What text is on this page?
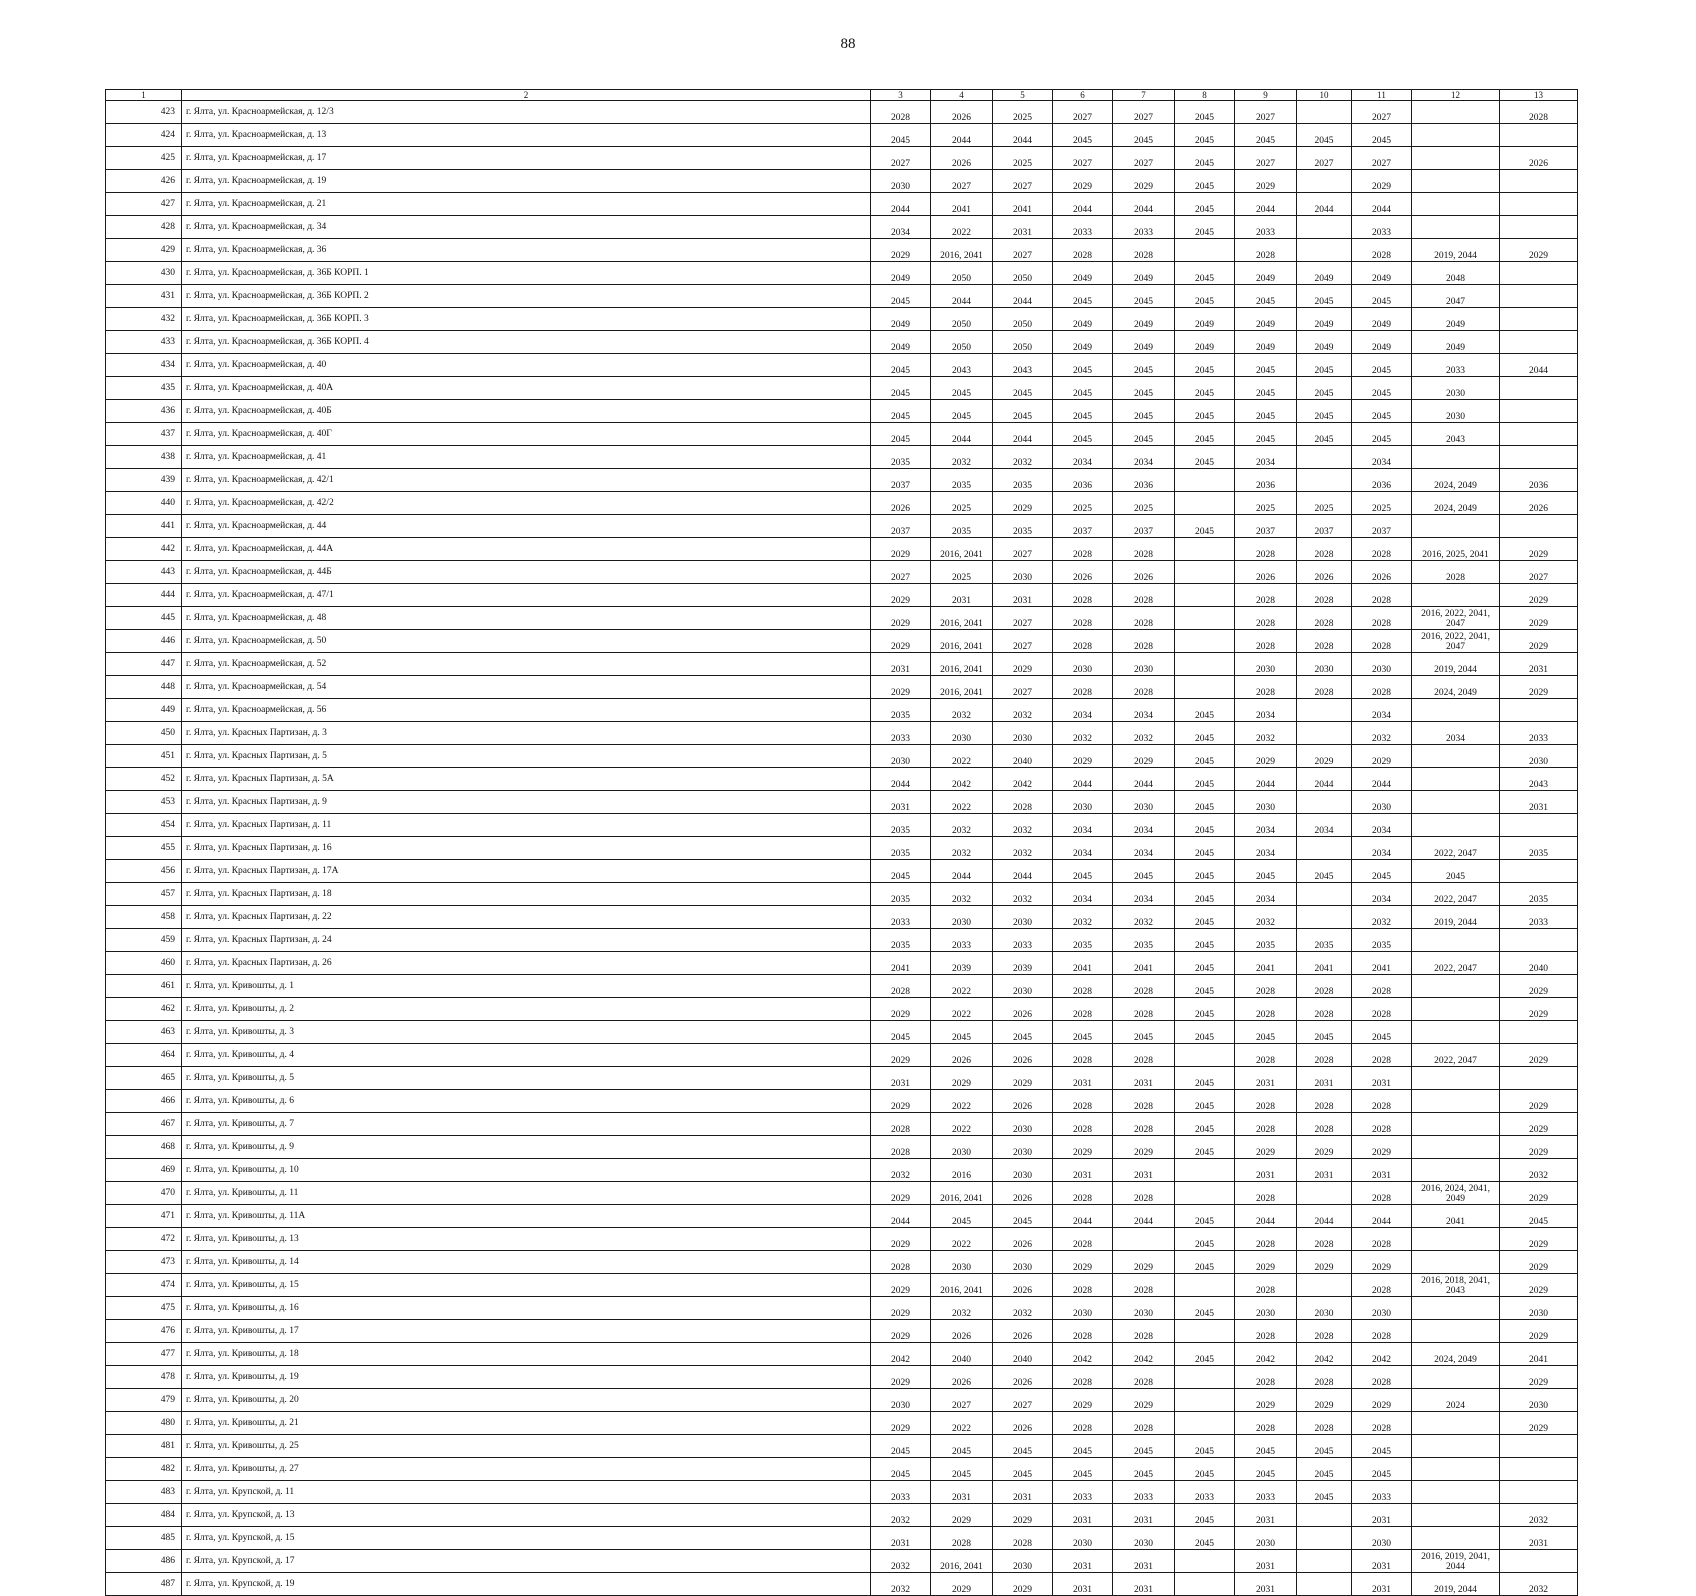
88
1	2	3	4	5	6	7	8	9	10	11	12	13
423	г. Ялта, ул. Красноармейская, д. 12/3	2028	2026	2025	2027	2027	2045	2027		2027		2028
424	г. Ялта, ул. Красноармейская, д. 13	2045	2044	2044	2045	2045	2045	2045	2045	2045		
425	г. Ялта, ул. Красноармейская, д. 17	2027	2026	2025	2027	2027	2045	2027	2027	2027		2026
426	г. Ялта, ул. Красноармейская, д. 19	2030	2027	2027	2029	2029	2045	2029		2029		
427	г. Ялта, ул. Красноармейская, д. 21	2044	2041	2041	2044	2044	2045	2044	2044	2044		
428	г. Ялта, ул. Красноармейская, д. 34	2034	2022	2031	2033	2033	2045	2033		2033		
429	г. Ялта, ул. Красноармейская, д. 36	2029	2016, 2041	2027	2028	2028		2028		2028	2019, 2044	2029
430	г. Ялта, ул. Красноармейская, д. 36Б КОРП. 1	2049	2050	2050	2049	2049	2045	2049	2049	2049	2048	
431	г. Ялта, ул. Красноармейская, д. 36Б КОРП. 2	2045	2044	2044	2045	2045	2045	2045	2045	2045	2047	
432	г. Ялта, ул. Красноармейская, д. 36Б КОРП. 3	2049	2050	2050	2049	2049	2049	2049	2049	2049	2049	
433	г. Ялта, ул. Красноармейская, д. 36Б КОРП. 4	2049	2050	2050	2049	2049	2049	2049	2049	2049	2049	
434	г. Ялта, ул. Красноармейская, д. 40	2045	2043	2043	2045	2045	2045	2045	2045	2045	2033	2044
435	г. Ялта, ул. Красноармейская, д. 40А	2045	2045	2045	2045	2045	2045	2045	2045	2045	2030	
436	г. Ялта, ул. Красноармейская, д. 40Б	2045	2045	2045	2045	2045	2045	2045	2045	2045	2030	
437	г. Ялта, ул. Красноармейская, д. 40Г	2045	2044	2044	2045	2045	2045	2045	2045	2045	2043	
438	г. Ялта, ул. Красноармейская, д. 41	2035	2032	2032	2034	2034	2045	2034		2034		
439	г. Ялта, ул. Красноармейская, д. 42/1	2037	2035	2035	2036	2036		2036		2036	2024, 2049	2036
440	г. Ялта, ул. Красноармейская, д. 42/2	2026	2025	2029	2025	2025		2025	2025	2025	2024, 2049	2026
441	г. Ялта, ул. Красноармейская, д. 44	2037	2035	2035	2037	2037	2045	2037	2037	2037		
442	г. Ялта, ул. Красноармейская, д. 44А	2029	2016, 2041	2027	2028	2028		2028	2028	2028	2016, 2025, 2041	2029
443	г. Ялта, ул. Красноармейская, д. 44Б	2027	2025	2030	2026	2026		2026	2026	2026	2028	2027
444	г. Ялта, ул. Красноармейская, д. 47/1	2029	2031	2031	2028	2028		2028	2028	2028		2029
445	г. Ялта, ул. Красноармейская, д. 48	2029	2016, 2041	2027	2028	2028		2028	2028	2028	2016, 2022, 2041, 2047	2029
446	г. Ялта, ул. Красноармейская, д. 50	2029	2016, 2041	2027	2028	2028		2028	2028	2028	2016, 2022, 2041, 2047	2029
447	г. Ялта, ул. Красноармейская, д. 52	2031	2016, 2041	2029	2030	2030		2030	2030	2030	2019, 2044	2031
448	г. Ялта, ул. Красноармейская, д. 54	2029	2016, 2041	2027	2028	2028		2028	2028	2028	2024, 2049	2029
449	г. Ялта, ул. Красноармейская, д. 56	2035	2032	2032	2034	2034	2045	2034		2034		
450	г. Ялта, ул. Красных Партизан, д. 3	2033	2030	2030	2032	2032	2045	2032		2032	2034	2033
451	г. Ялта, ул. Красных Партизан, д. 5	2030	2022	2040	2029	2029	2045	2029	2029	2029		2030
452	г. Ялта, ул. Красных Партизан, д. 5А	2044	2042	2042	2044	2044	2045	2044	2044	2044		2043
453	г. Ялта, ул. Красных Партизан, д. 9	2031	2022	2028	2030	2030	2045	2030		2030		2031
454	г. Ялта, ул. Красных Партизан, д. 11	2035	2032	2032	2034	2034	2045	2034	2034	2034		
455	г. Ялта, ул. Красных Партизан, д. 16	2035	2032	2032	2034	2034	2045	2034		2034	2022, 2047	2035
456	г. Ялта, ул. Красных Партизан, д. 17А	2045	2044	2044	2045	2045	2045	2045	2045	2045	2045	
457	г. Ялта, ул. Красных Партизан, д. 18	2035	2032	2032	2034	2034	2045	2034		2034	2022, 2047	2035
458	г. Ялта, ул. Красных Партизан, д. 22	2033	2030	2030	2032	2032	2045	2032		2032	2019, 2044	2033
459	г. Ялта, ул. Красных Партизан, д. 24	2035	2033	2033	2035	2035	2045	2035	2035	2035		
460	г. Ялта, ул. Красных Партизан, д. 26	2041	2039	2039	2041	2041	2045	2041	2041	2041	2022, 2047	2040
461	г. Ялта, ул. Кривошты, д. 1	2028	2022	2030	2028	2028	2045	2028	2028	2028		2029
462	г. Ялта, ул. Кривошты, д. 2	2029	2022	2026	2028	2028	2045	2028	2028	2028		2029
463	г. Ялта, ул. Кривошты, д. 3	2045	2045	2045	2045	2045	2045	2045	2045	2045		
464	г. Ялта, ул. Кривошты, д. 4	2029	2026	2026	2028	2028		2028	2028	2028	2022, 2047	2029
465	г. Ялта, ул. Кривошты, д. 5	2031	2029	2029	2031	2031	2045	2031	2031	2031		
466	г. Ялта, ул. Кривошты, д. 6	2029	2022	2026	2028	2028	2045	2028	2028	2028		2029
467	г. Ялта, ул. Кривошты, д. 7	2028	2022	2030	2028	2028	2045	2028	2028	2028		2029
468	г. Ялта, ул. Кривошты, д. 9	2028	2030	2030	2029	2029	2045	2029	2029	2029		2029
469	г. Ялта, ул. Кривошты, д. 10	2032	2016	2030	2031	2031		2031	2031	2031		2032
470	г. Ялта, ул. Кривошты, д. 11	2029	2016, 2041	2026	2028	2028		2028		2028	2016, 2024, 2041, 2049	2029
471	г. Ялта, ул. Кривошты, д. 11А	2044	2045	2045	2044	2044	2045	2044	2044	2044	2041	2045
472	г. Ялта, ул. Кривошты, д. 13	2029	2022	2026	2028		2045	2028	2028	2028		2029
473	г. Ялта, ул. Кривошты, д. 14	2028	2030	2030	2029	2029	2045	2029	2029	2029		2029
474	г. Ялта, ул. Кривошты, д. 15	2029	2016, 2041	2026	2028	2028		2028		2028	2016, 2018, 2041, 2043	2029
475	г. Ялта, ул. Кривошты, д. 16	2029	2032	2032	2030	2030	2045	2030	2030	2030		2030
476	г. Ялта, ул. Кривошты, д. 17	2029	2026	2026	2028	2028		2028	2028	2028		2029
477	г. Ялта, ул. Кривошты, д. 18	2042	2040	2040	2042	2042	2045	2042	2042	2042	2024, 2049	2041
478	г. Ялта, ул. Кривошты, д. 19	2029	2026	2026	2028	2028		2028	2028	2028		2029
479	г. Ялта, ул. Кривошты, д. 20	2030	2027	2027	2029	2029		2029	2029	2029	2024	2030
480	г. Ялта, ул. Кривошты, д. 21	2029	2022	2026	2028	2028		2028	2028	2028		2029
481	г. Ялта, ул. Кривошты, д. 25	2045	2045	2045	2045	2045	2045	2045	2045	2045		
482	г. Ялта, ул. Кривошты, д. 27	2045	2045	2045	2045	2045	2045	2045	2045	2045		
483	г. Ялта, ул. Крупской, д. 11	2033	2031	2031	2033	2033	2033	2033	2045	2033		
484	г. Ялта, ул. Крупской, д. 13	2032	2029	2029	2031	2031	2045	2031		2031		2032
485	г. Ялта, ул. Крупской, д. 15	2031	2028	2028	2030	2030	2045	2030		2030		2031
486	г. Ялта, ул. Крупской, д. 17	2032	2016, 2041	2030	2031	2031		2031		2031	2016, 2019, 2041, 2044	
487	г. Ялта, ул. Крупской, д. 19	2032	2029	2029	2031	2031		2031		2031	2019, 2044	2032
